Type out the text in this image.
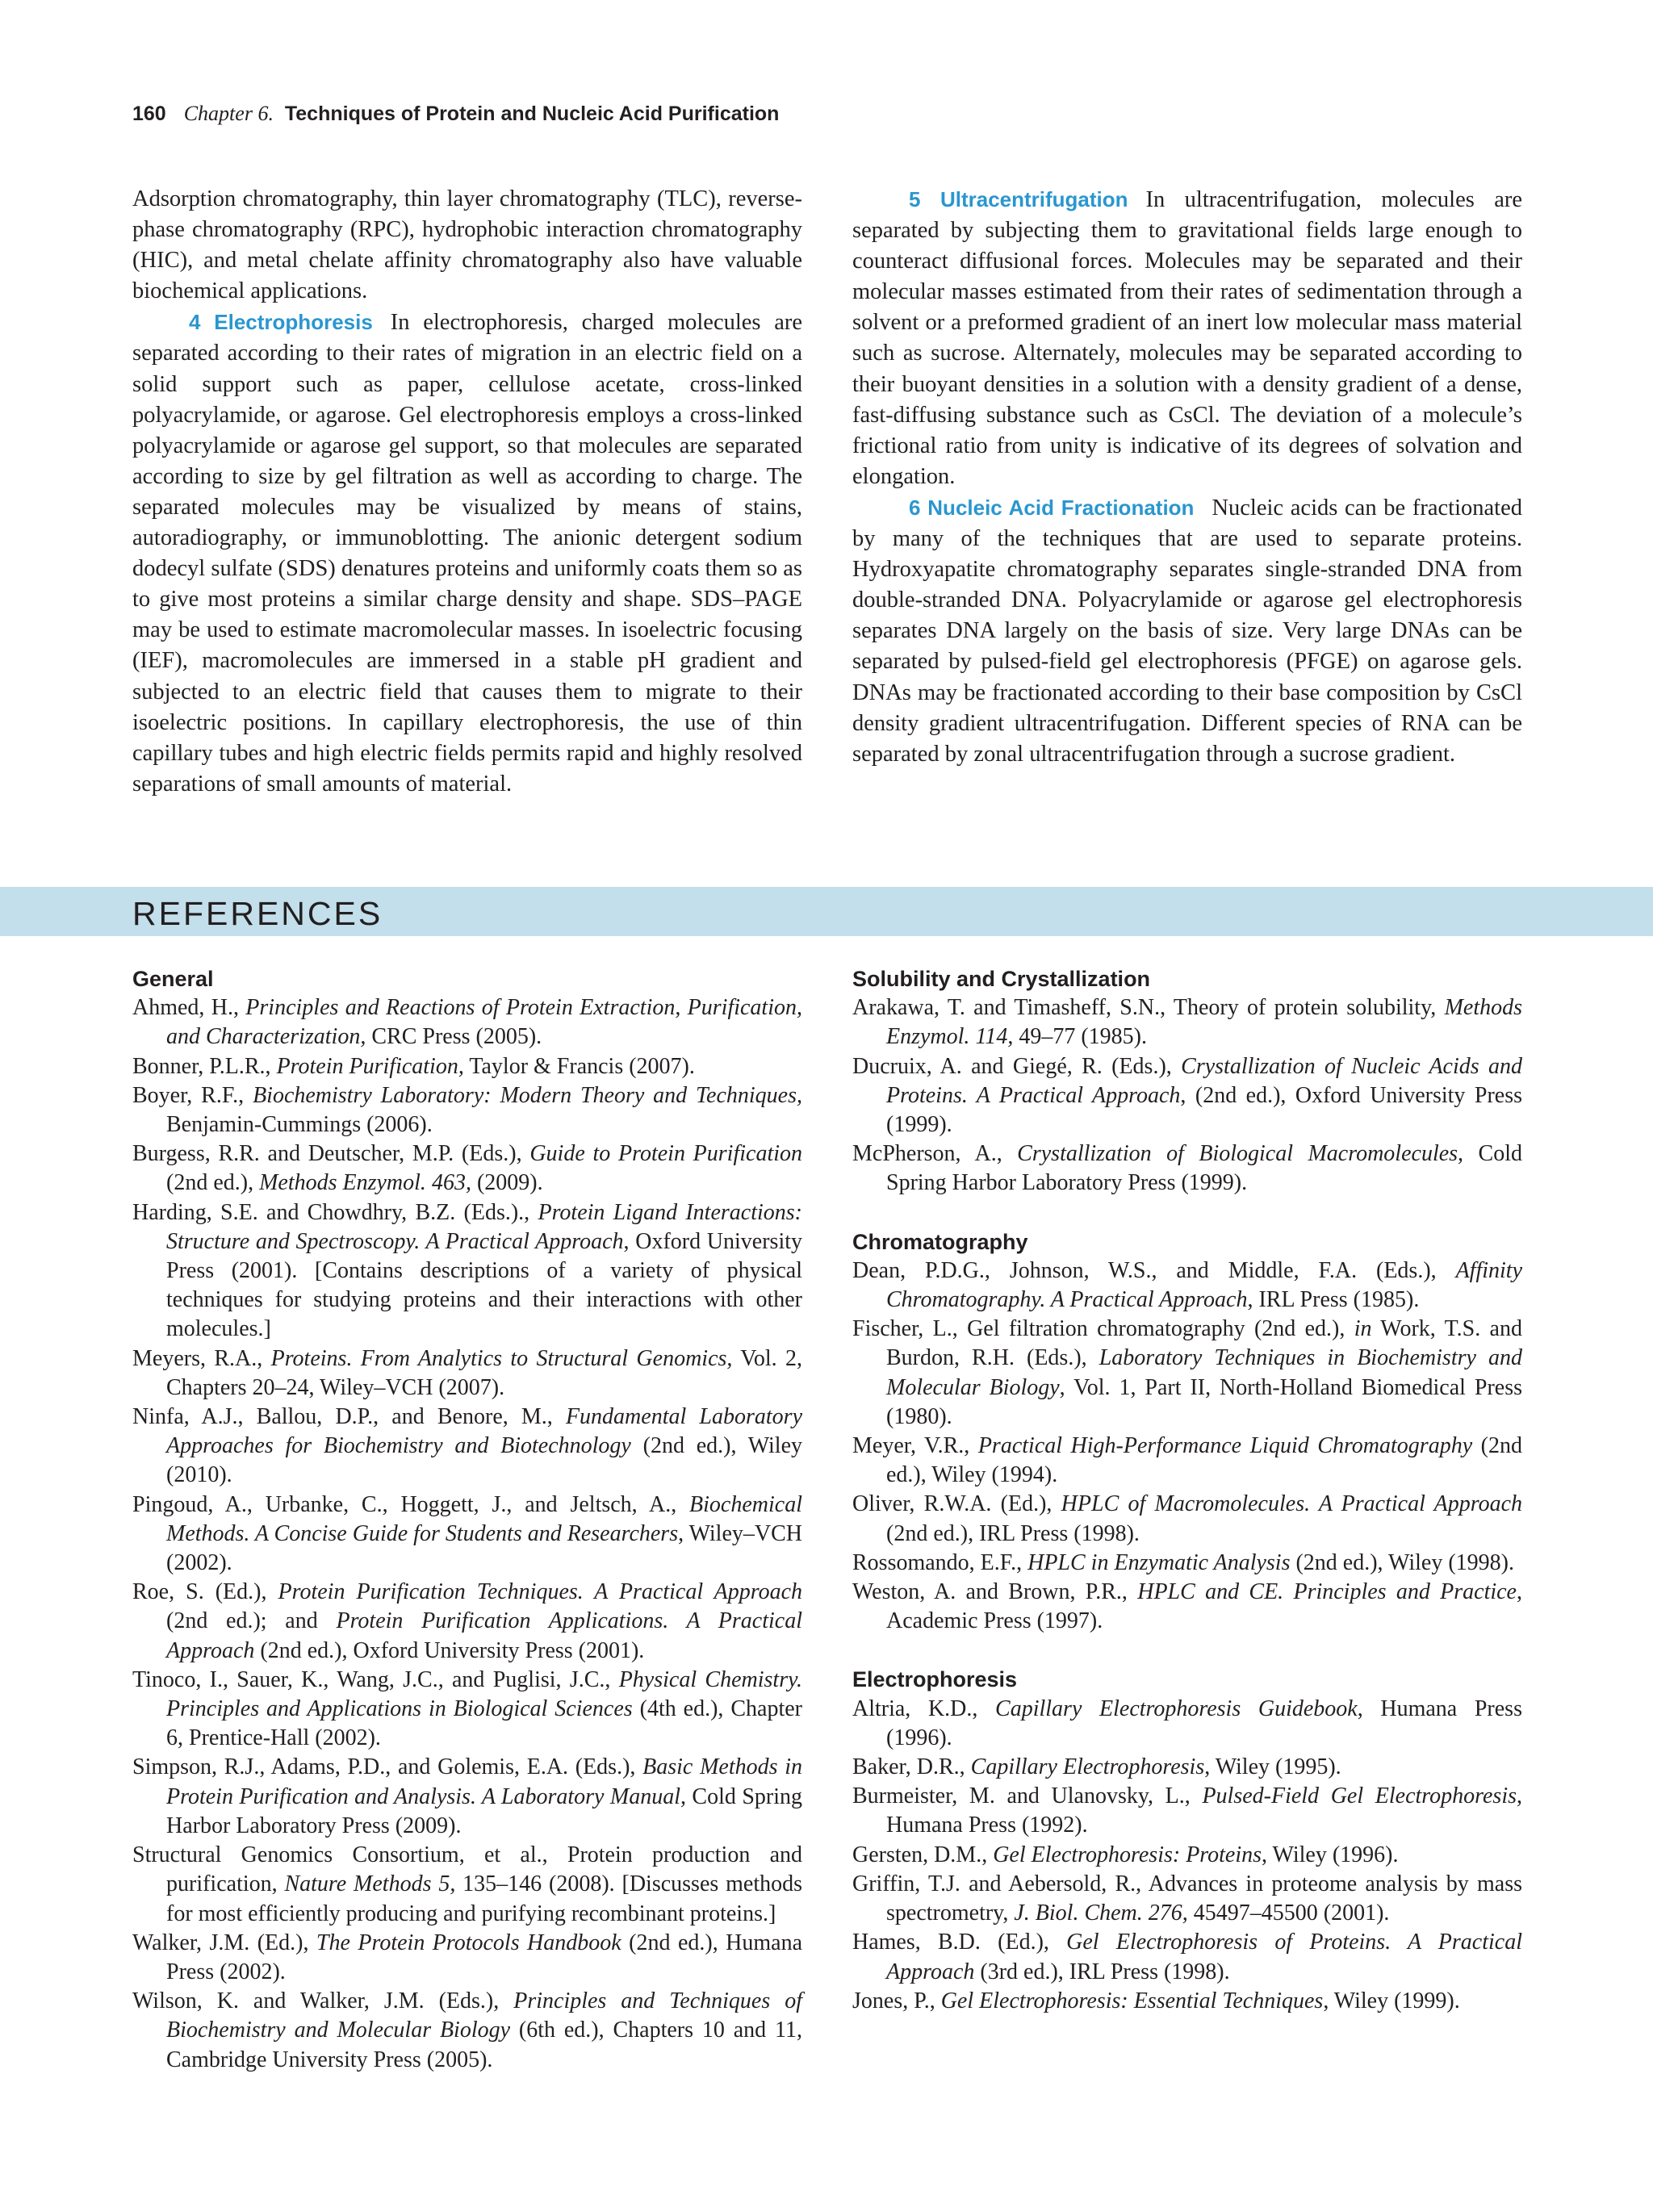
160 Chapter 6. Techniques of Protein and Nucleic Acid Purification

Adsorption chromatography, thin layer chromatography (TLC), reverse-phase chromatography (RPC), hydrophobic interaction chromatography (HIC), and metal chelate affinity chromatography also have valuable biochemical applications.

4 Electrophoresis In electrophoresis, charged molecules are separated according to their rates of migration in an electric field on a solid support such as paper, cellulose acetate, cross-linked polyacrylamide, or agarose. Gel electrophoresis employs a cross-linked polyacrylamide or agarose gel support, so that molecules are separated according to size by gel filtration as well as according to charge. The separated molecules may be visualized by means of stains, autoradiography, or immunoblotting. The anionic detergent sodium dodecyl sulfate (SDS) denatures proteins and uniformly coats them so as to give most proteins a similar charge density and shape. SDS–PAGE may be used to estimate macromolecular masses. In isoelectric focusing (IEF), macromolecules are immersed in a stable pH gradient and subjected to an electric field that causes them to migrate to their isoelectric positions. In capillary electrophoresis, the use of thin capillary tubes and high electric fields permits rapid and highly resolved separations of small amounts of material.

5 Ultracentrifugation In ultracentrifugation, molecules are separated by subjecting them to gravitational fields large enough to counteract diffusional forces. Molecules may be separated and their molecular masses estimated from their rates of sedimentation through a solvent or a preformed gradient of an inert low molecular mass material such as sucrose. Alternately, molecules may be separated according to their buoyant densities in a solution with a density gradient of a dense, fast-diffusing substance such as CsCl. The deviation of a molecule’s frictional ratio from unity is indicative of its degrees of solvation and elongation.

6 Nucleic Acid Fractionation Nucleic acids can be fractionated by many of the techniques that are used to separate proteins. Hydroxyapatite chromatography separates single-stranded DNA from double-stranded DNA. Polyacrylamide or agarose gel electrophoresis separates DNA largely on the basis of size. Very large DNAs can be separated by pulsed-field gel electrophoresis (PFGE) on agarose gels. DNAs may be fractionated according to their base composition by CsCl density gradient ultracentrifugation. Different species of RNA can be separated by zonal ultracentrifugation through a sucrose gradient.

REFERENCES
General

Ahmed, H., Principles and Reactions of Protein Extraction, Purification, and Characterization, CRC Press (2005).

Bonner, P.L.R., Protein Purification, Taylor & Francis (2007).

Boyer, R.F., Biochemistry Laboratory: Modern Theory and Techniques, Benjamin-Cummings (2006).

Burgess, R.R. and Deutscher, M.P. (Eds.), Guide to Protein Purification (2nd ed.), Methods Enzymol. 463, (2009).

Harding, S.E. and Chowdhry, B.Z. (Eds.)., Protein Ligand Interactions: Structure and Spectroscopy. A Practical Approach, Oxford University Press (2001). [Contains descriptions of a variety of physical techniques for studying proteins and their interactions with other molecules.]

Meyers, R.A., Proteins. From Analytics to Structural Genomics, Vol. 2, Chapters 20–24, Wiley–VCH (2007).

Ninfa, A.J., Ballou, D.P., and Benore, M., Fundamental Laboratory Approaches for Biochemistry and Biotechnology (2nd ed.), Wiley (2010).

Pingoud, A., Urbanke, C., Hoggett, J., and Jeltsch, A., Biochemical Methods. A Concise Guide for Students and Researchers, Wiley–VCH (2002).

Roe, S. (Ed.), Protein Purification Techniques. A Practical Approach (2nd ed.); and Protein Purification Applications. A Practical Approach (2nd ed.), Oxford University Press (2001).

Tinoco, I., Sauer, K., Wang, J.C., and Puglisi, J.C., Physical Chemistry. Principles and Applications in Biological Sciences (4th ed.), Chapter 6, Prentice-Hall (2002).

Simpson, R.J., Adams, P.D., and Golemis, E.A. (Eds.), Basic Methods in Protein Purification and Analysis. A Laboratory Manual, Cold Spring Harbor Laboratory Press (2009).

Structural Genomics Consortium, et al., Protein production and purification, Nature Methods 5, 135–146 (2008). [Discusses methods for most efficiently producing and purifying recombinant proteins.]

Walker, J.M. (Ed.), The Protein Protocols Handbook (2nd ed.), Humana Press (2002).

Wilson, K. and Walker, J.M. (Eds.), Principles and Techniques of Biochemistry and Molecular Biology (6th ed.), Chapters 10 and 11, Cambridge University Press (2005).

Solubility and Crystallization

Arakawa, T. and Timasheff, S.N., Theory of protein solubility, Methods Enzymol. 114, 49–77 (1985).

Ducruix, A. and Giegé, R. (Eds.), Crystallization of Nucleic Acids and Proteins. A Practical Approach, (2nd ed.), Oxford University Press (1999).

McPherson, A., Crystallization of Biological Macromolecules, Cold Spring Harbor Laboratory Press (1999).

Chromatography

Dean, P.D.G., Johnson, W.S., and Middle, F.A. (Eds.), Affinity Chromatography. A Practical Approach, IRL Press (1985).

Fischer, L., Gel filtration chromatography (2nd ed.), in Work, T.S. and Burdon, R.H. (Eds.), Laboratory Techniques in Biochemistry and Molecular Biology, Vol. 1, Part II, North-Holland Biomedical Press (1980).

Meyer, V.R., Practical High-Performance Liquid Chromatography (2nd ed.), Wiley (1994).

Oliver, R.W.A. (Ed.), HPLC of Macromolecules. A Practical Approach (2nd ed.), IRL Press (1998).

Rossomando, E.F., HPLC in Enzymatic Analysis (2nd ed.), Wiley (1998).

Weston, A. and Brown, P.R., HPLC and CE. Principles and Practice, Academic Press (1997).

Electrophoresis

Altria, K.D., Capillary Electrophoresis Guidebook, Humana Press (1996).

Baker, D.R., Capillary Electrophoresis, Wiley (1995).

Burmeister, M. and Ulanovsky, L., Pulsed-Field Gel Electrophoresis, Humana Press (1992).

Gersten, D.M., Gel Electrophoresis: Proteins, Wiley (1996).

Griffin, T.J. and Aebersold, R., Advances in proteome analysis by mass spectrometry, J. Biol. Chem. 276, 45497–45500 (2001).

Hames, B.D. (Ed.), Gel Electrophoresis of Proteins. A Practical Approach (3rd ed.), IRL Press (1998).

Jones, P., Gel Electrophoresis: Essential Techniques, Wiley (1999).
